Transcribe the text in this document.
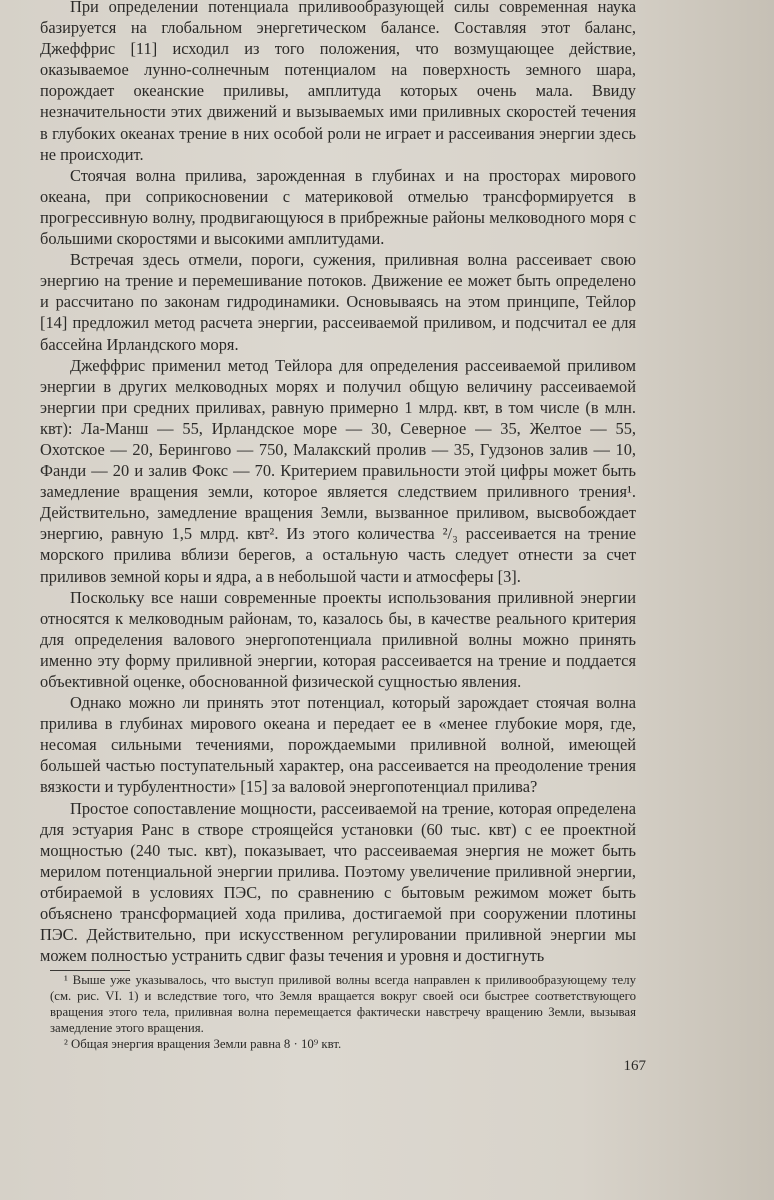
При определении потенциала приливообразующей силы современная наука базируется на глобальном энергетическом балансе. Составляя этот баланс, Джеффрис [11] исходил из того положения, что возмущающее действие, оказываемое лунно-солнечным потенциалом на поверхность земного шара, порождает океанские приливы, амплитуда которых очень мала. Ввиду незначительности этих движений и вызываемых ими приливных скоростей течения в глубоких океанах трение в них особой роли не играет и рассеивания энергии здесь не происходит.

Стоячая волна прилива, зарожденная в глубинах и на просторах мирового океана, при соприкосновении с материковой отмелью трансформируется в прогрессивную волну, продвигающуюся в прибрежные районы мелководного моря с большими скоростями и высокими амплитудами.

Встречая здесь отмели, пороги, сужения, приливная волна рассеивает свою энергию на трение и перемешивание потоков. Движение ее может быть определено и рассчитано по законам гидродинамики. Основываясь на этом принципе, Тейлор [14] предложил метод расчета энергии, рассеиваемой приливом, и подсчитал ее для бассейна Ирландского моря.

Джеффрис применил метод Тейлора для определения рассеиваемой приливом энергии в других мелководных морях и получил общую величину рассеиваемой энергии при средних приливах, равную примерно 1 млрд. квт, в том числе (в млн. квт): Ла-Манш — 55, Ирландское море — 30, Северное — 35, Желтое — 55, Охотское — 20, Берингово — 750, Малакский пролив — 35, Гудзонов залив — 10, Фанди — 20 и залив Фокс — 70. Критерием правильности этой цифры может быть замедление вращения земли, которое является следствием приливного трения¹. Действительно, замедление вращения Земли, вызванное приливом, высвобождает энергию, равную 1,5 млрд. квт². Из этого количества ²/₃ рассеивается на трение морского прилива вблизи берегов, а остальную часть следует отнести за счет приливов земной коры и ядра, а в небольшой части и атмосферы [3].

Поскольку все наши современные проекты использования приливной энергии относятся к мелководным районам, то, казалось бы, в качестве реального критерия для определения валового энергопотенциала приливной волны можно принять именно эту форму приливной энергии, которая рассеивается на трение и поддается объективной оценке, обоснованной физической сущностью явления.

Однако можно ли принять этот потенциал, который зарождает стоячая волна прилива в глубинах мирового океана и передает ее в «менее глубокие моря, где, несомая сильными течениями, порождаемыми приливной волной, имеющей большей частью поступательный характер, она рассеивается на преодоление трения вязкости и турбулентности» [15] за валовой энергопотенциал прилива?

Простое сопоставление мощности, рассеиваемой на трение, которая определена для эстуария Ранс в створе строящейся установки (60 тыс. квт) с ее проектной мощностью (240 тыс. квт), показывает, что рассеиваемая энергия не может быть мерилом потенциальной энергии прилива. Поэтому увеличение приливной энергии, отбираемой в условиях ПЭС, по сравнению с бытовым режимом может быть объяснено трансформацией хода прилива, достигаемой при сооружении плотины ПЭС. Действительно, при искусственном регулировании приливной энергии мы можем полностью устранить сдвиг фазы течения и уровня и достигнуть

¹ Выше уже указывалось, что выступ приливой волны всегда направлен к приливообразующему телу (см. рис. VI. 1) и вследствие того, что Земля вращается вокруг своей оси быстрее соответствующего вращения этого тела, приливная волна перемещается фактически навстречу вращению Земли, вызывая замедление этого вращения.

² Общая энергия вращения Земли равна 8 · 10⁹ квт.

167
